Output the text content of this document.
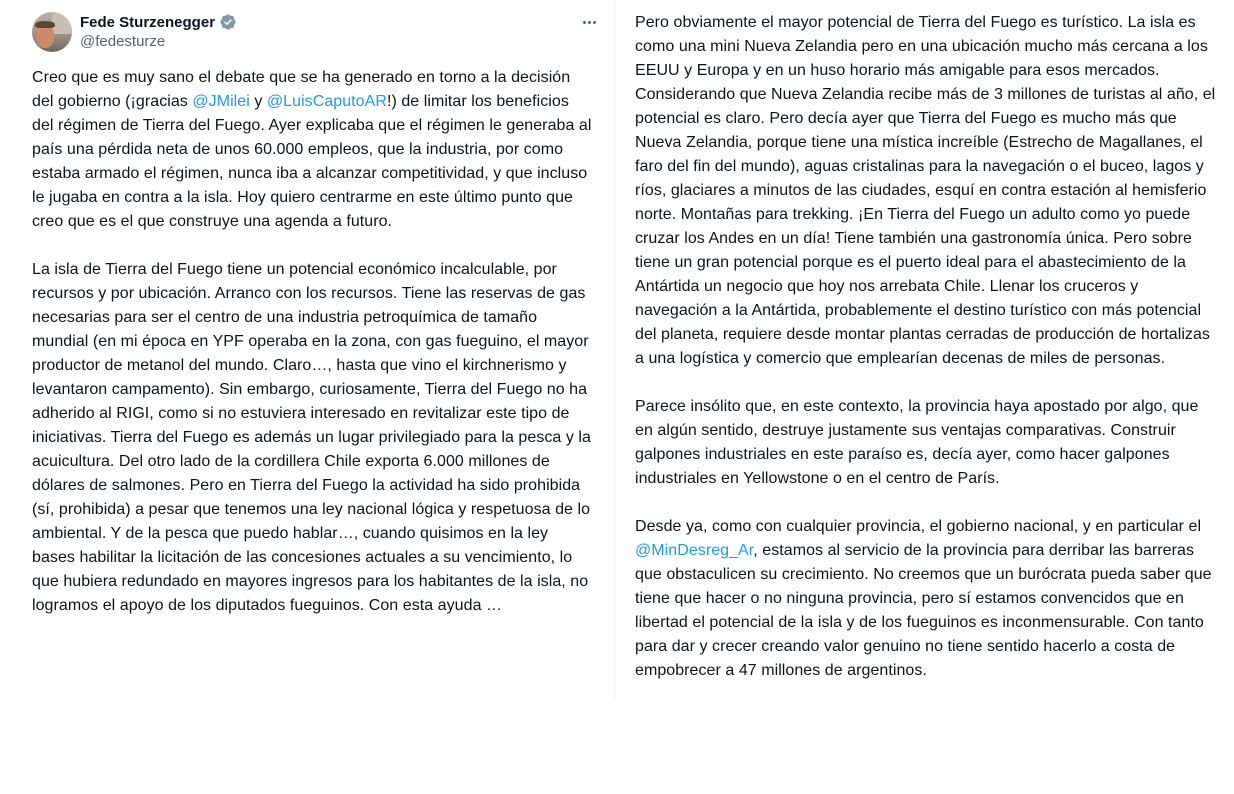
Fede Sturzenegger
@fedesturze

Creo que es muy sano el debate que se ha generado en torno a la decisión del gobierno (¡gracias @JMilei y @LuisCaputoAR!) de limitar los beneficios del régimen de Tierra del Fuego. Ayer explicaba que el régimen le generaba al país una pérdida neta de unos 60.000 empleos, que la industria, por como estaba armado el régimen, nunca iba a alcanzar competitividad, y que incluso le jugaba en contra a la isla. Hoy quiero centrarme en este último punto que creo que es el que construye una agenda a futuro.

La isla de Tierra del Fuego tiene un potencial económico incalculable, por recursos y por ubicación. Arranco con los recursos. Tiene las reservas de gas necesarias para ser el centro de una industria petroquímica de tamaño mundial (en mi época en YPF operaba en la zona, con gas fueguino, el mayor productor de metanol del mundo. Claro…, hasta que vino el kirchnerismo y levantaron campamento). Sin embargo, curiosamente, Tierra del Fuego no ha adherido al RIGI, como si no estuviera interesado en revitalizar este tipo de iniciativas. Tierra del Fuego es además un lugar privilegiado para la pesca y la acuicultura. Del otro lado de la cordillera Chile exporta 6.000 millones de dólares de salmones. Pero en Tierra del Fuego la actividad ha sido prohibida (sí, prohibida) a pesar que tenemos una ley nacional lógica y respetuosa de lo ambiental. Y de la pesca que puedo hablar…, cuando quisimos en la ley bases habilitar la licitación de las concesiones actuales a su vencimiento, lo que hubiera redundado en mayores ingresos para los habitantes de la isla, no logramos el apoyo de los diputados fueguinos. Con esta ayuda …

Pero obviamente el mayor potencial de Tierra del Fuego es turístico. La isla es como una mini Nueva Zelandia pero en una ubicación mucho más cercana a los EEUU y Europa y en un huso horario más amigable para esos mercados. Considerando que Nueva Zelandia recibe más de 3 millones de turistas al año, el potencial es claro. Pero decía ayer que Tierra del Fuego es mucho más que Nueva Zelandia, porque tiene una mística increíble (Estrecho de Magallanes, el faro del fin del mundo), aguas cristalinas para la navegación o el buceo, lagos y ríos, glaciares a minutos de las ciudades, esquí en contra estación al hemisferio norte. Montañas para trekking. ¡En Tierra del Fuego un adulto como yo puede cruzar los Andes en un día! Tiene también una gastronomía única. Pero sobre tiene un gran potencial porque es el puerto ideal para el abastecimiento de la Antártida un negocio que hoy nos arrebata Chile. Llenar los cruceros y navegación a la Antártida, probablemente el destino turístico con más potencial del planeta, requiere desde montar plantas cerradas de producción de hortalizas a una logística y comercio que emplearían decenas de miles de personas.

Parece insólito que, en este contexto, la provincia haya apostado por algo, que en algún sentido, destruye justamente sus ventajas comparativas. Construir galpones industriales en este paraíso es, decía ayer, como hacer galpones industriales en Yellowstone o en el centro de París.

Desde ya, como con cualquier provincia, el gobierno nacional, y en particular el @MinDesreg_Ar, estamos al servicio de la provincia para derribar las barreras que obstaculicen su crecimiento. No creemos que un burócrata pueda saber que tiene que hacer o no ninguna provincia, pero sí estamos convencidos que en libertad el potencial de la isla y de los fueguinos es inconmensurable. Con tanto para dar y crecer creando valor genuino no tiene sentido hacerlo a costa de empobrecer a 47 millones de argentinos.
